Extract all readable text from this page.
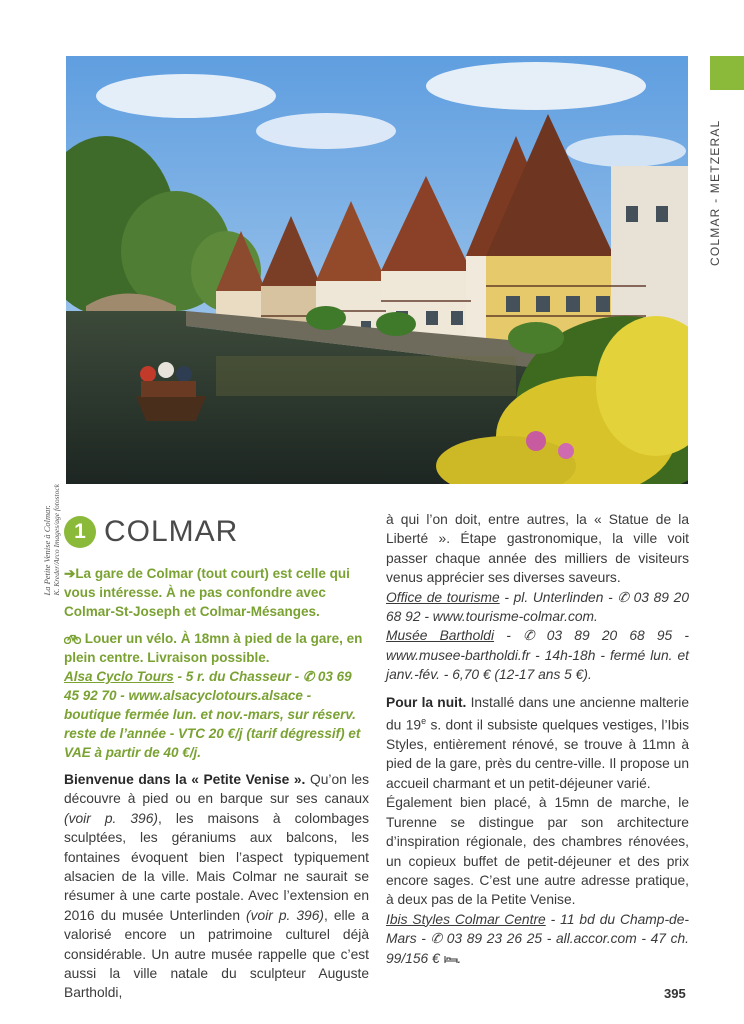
La Petite Venise à Colmar. K. Kreder/Arco Images/age fotostock
COLMAR - METZERAL
1 COLMAR
➔La gare de Colmar (tout court) est celle qui vous intéresse. À ne pas confondre avec Colmar-St-Joseph et Colmar-Mésanges.
Louer un vélo. À 18mn à pied de la gare, en plein centre. Livraison possible.
Alsa Cyclo Tours - 5 r. du Chasseur - ✆ 03 69 45 92 70 - www.alsacyclotours.alsace - boutique fermée lun. et nov.-mars, sur réserv. reste de l’année - VTC 20 €/j (tarif dégressif) et VAE à partir de 40 €/j.

Bienvenue dans la « Petite Venise ». Qu’on les découvre à pied ou en barque sur ses canaux (voir p. 396), les maisons à colombages sculptées, les géraniums aux balcons, les fontaines évoquent bien l’aspect typiquement alsacien de la ville. Mais Colmar ne saurait se résumer à une carte postale. Avec l’extension en 2016 du musée Unterlinden (voir p. 396), elle a valorisé encore un patrimoine culturel déjà considérable. Un autre musée rappelle que c’est aussi la ville natale du sculpteur Auguste Bartholdi,

à qui l’on doit, entre autres, la « Statue de la Liberté ». Étape gastronomique, la ville voit passer chaque année des milliers de visiteurs venus apprécier ses diverses saveurs.

Office de tourisme - pl. Unterlinden - ✆ 03 89 20 68 92 - www.tourisme-colmar.com.

Musée Bartholdi - ✆ 03 89 20 68 95 - www.musee-bartholdi.fr - 14h-18h - fermé lun. et janv.-fév. - 6,70 € (12-17 ans 5 €).

Pour la nuit. Installé dans une ancienne malterie du 19e s. dont il subsiste quelques vestiges, l’Ibis Styles, entièrement rénové, se trouve à 11mn à pied de la gare, près du centre-ville. Il propose un accueil charmant et un petit-déjeuner varié.

Également bien placé, à 15mn de marche, le Turenne se distingue par son architecture d’inspiration régionale, des chambres rénovées, un copieux buffet de petit-déjeuner et des prix encore sages. C’est une autre adresse pratique, à deux pas de la Petite Venise.

Ibis Styles Colmar Centre - 11 bd du Champ-de-Mars - ✆ 03 89 23 26 25 - all.accor.com - 47 ch. 99/156 € .

395
